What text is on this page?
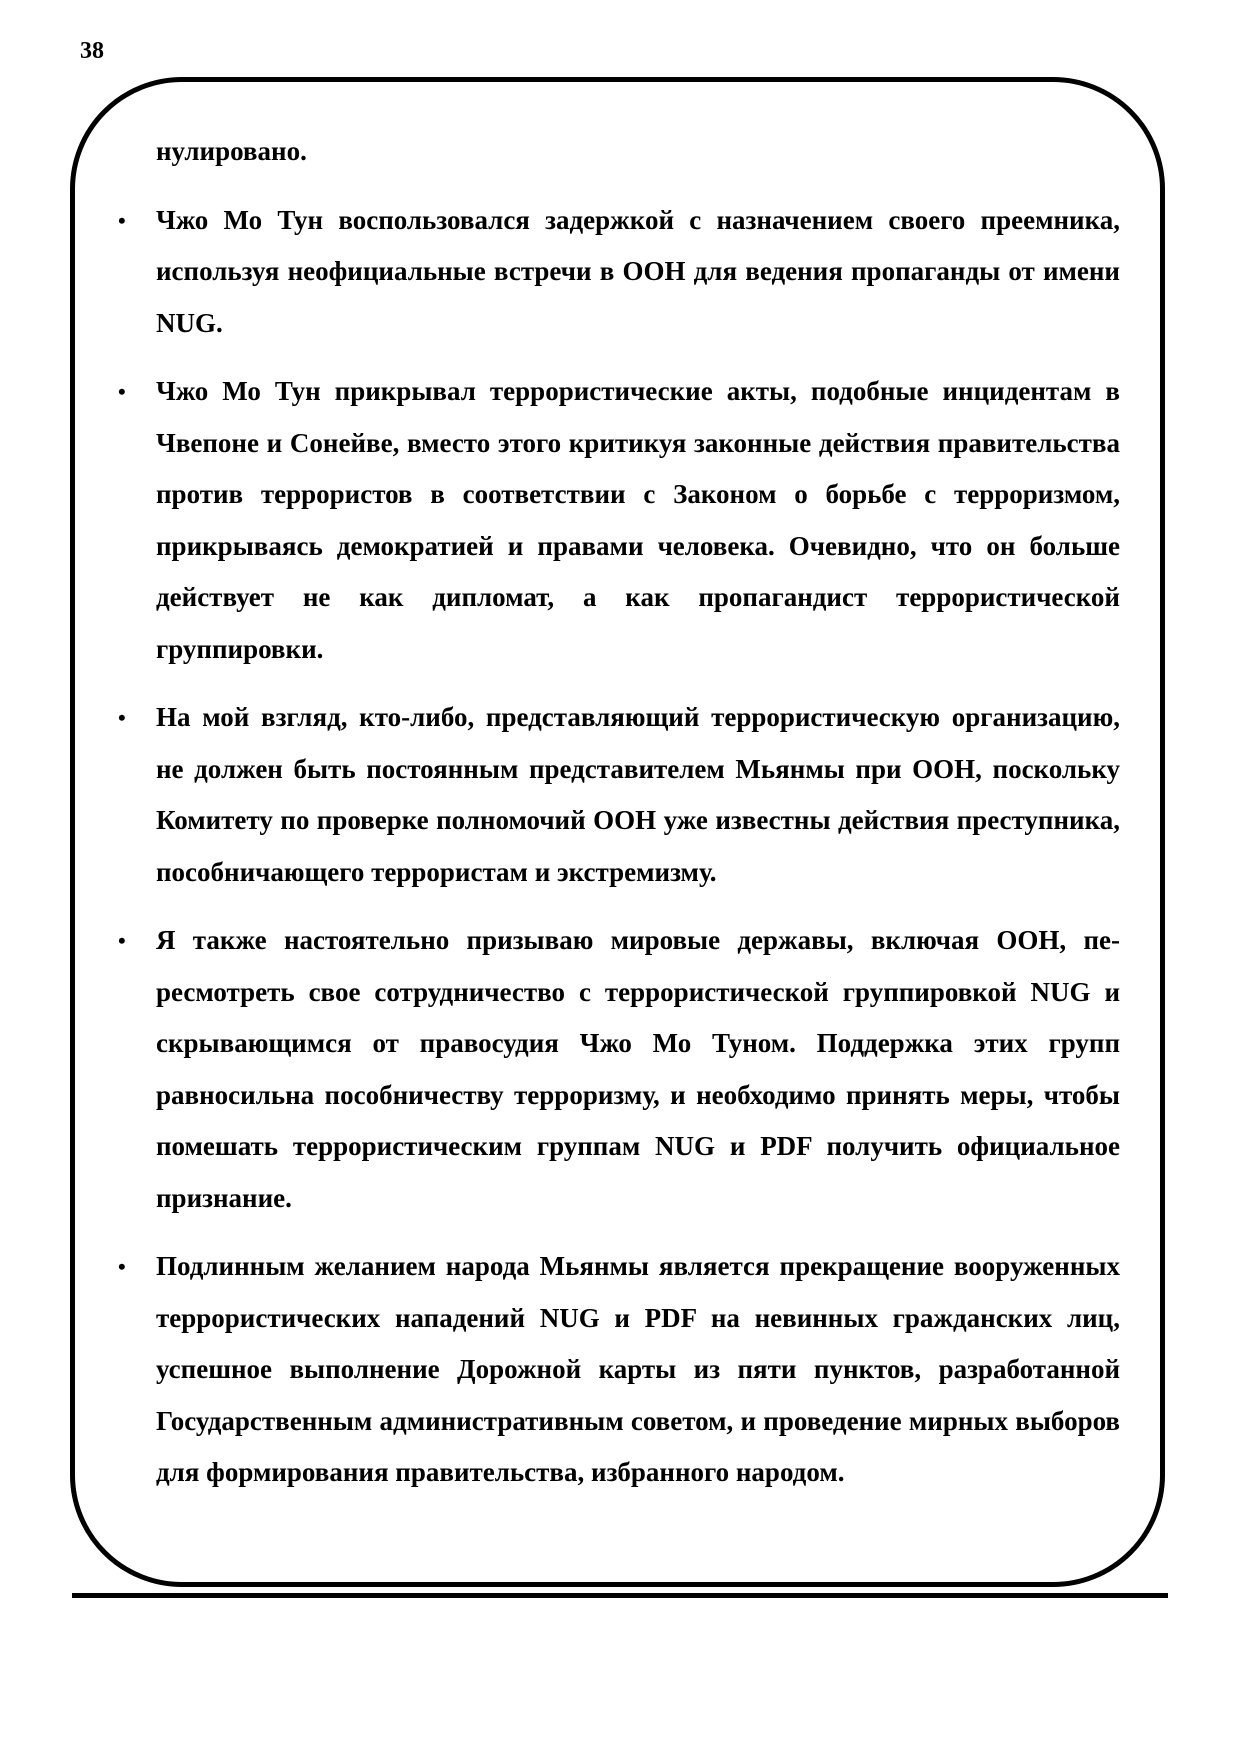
38

нулировано.

• Чжо Мо Тун воспользовался задержкой с назначением своего преемника, используя неофициальные встречи в ООН для ведения пропаганды от имени NUG.
• Чжо Мо Тун прикрывал террористические акты, подобные инцидентам в Чвепоне и Сонейве, вместо этого критикуя законные действия правительства против террористов в соответствии с Законом о борьбе с терроризмом, прикрываясь демократией и правами человека. Очевидно, что он больше действует не как дипломат, а как пропагандист террористической группировки.
• На мой взгляд, кто-либо, представляющий террористическую организацию, не должен быть постоянным представителем Мьянмы при ООН, поскольку Комитету по проверке полномочий ООН уже известны действия преступника, пособничающего террористам и экстремизму.
• Я также настоятельно призываю мировые державы, включая ООН, пересмотреть свое сотрудничество с террористической группировкой NUG и скрывающимся от правосудия Чжо Мо Туном. Поддержка этих групп равносильна пособничеству терроризму, и необходимо принять меры, чтобы помешать террористическим группам NUG и PDF получить официальное признание.
• Подлинным желанием народа Мьянмы является прекращение вооруженных террористических нападений NUG и PDF на невинных гражданских лиц, успешное выполнение Дорожной карты из пяти пунктов, разработанной Государственным административным советом, и проведение мирных выборов для формирования правительства, избранного народом.
